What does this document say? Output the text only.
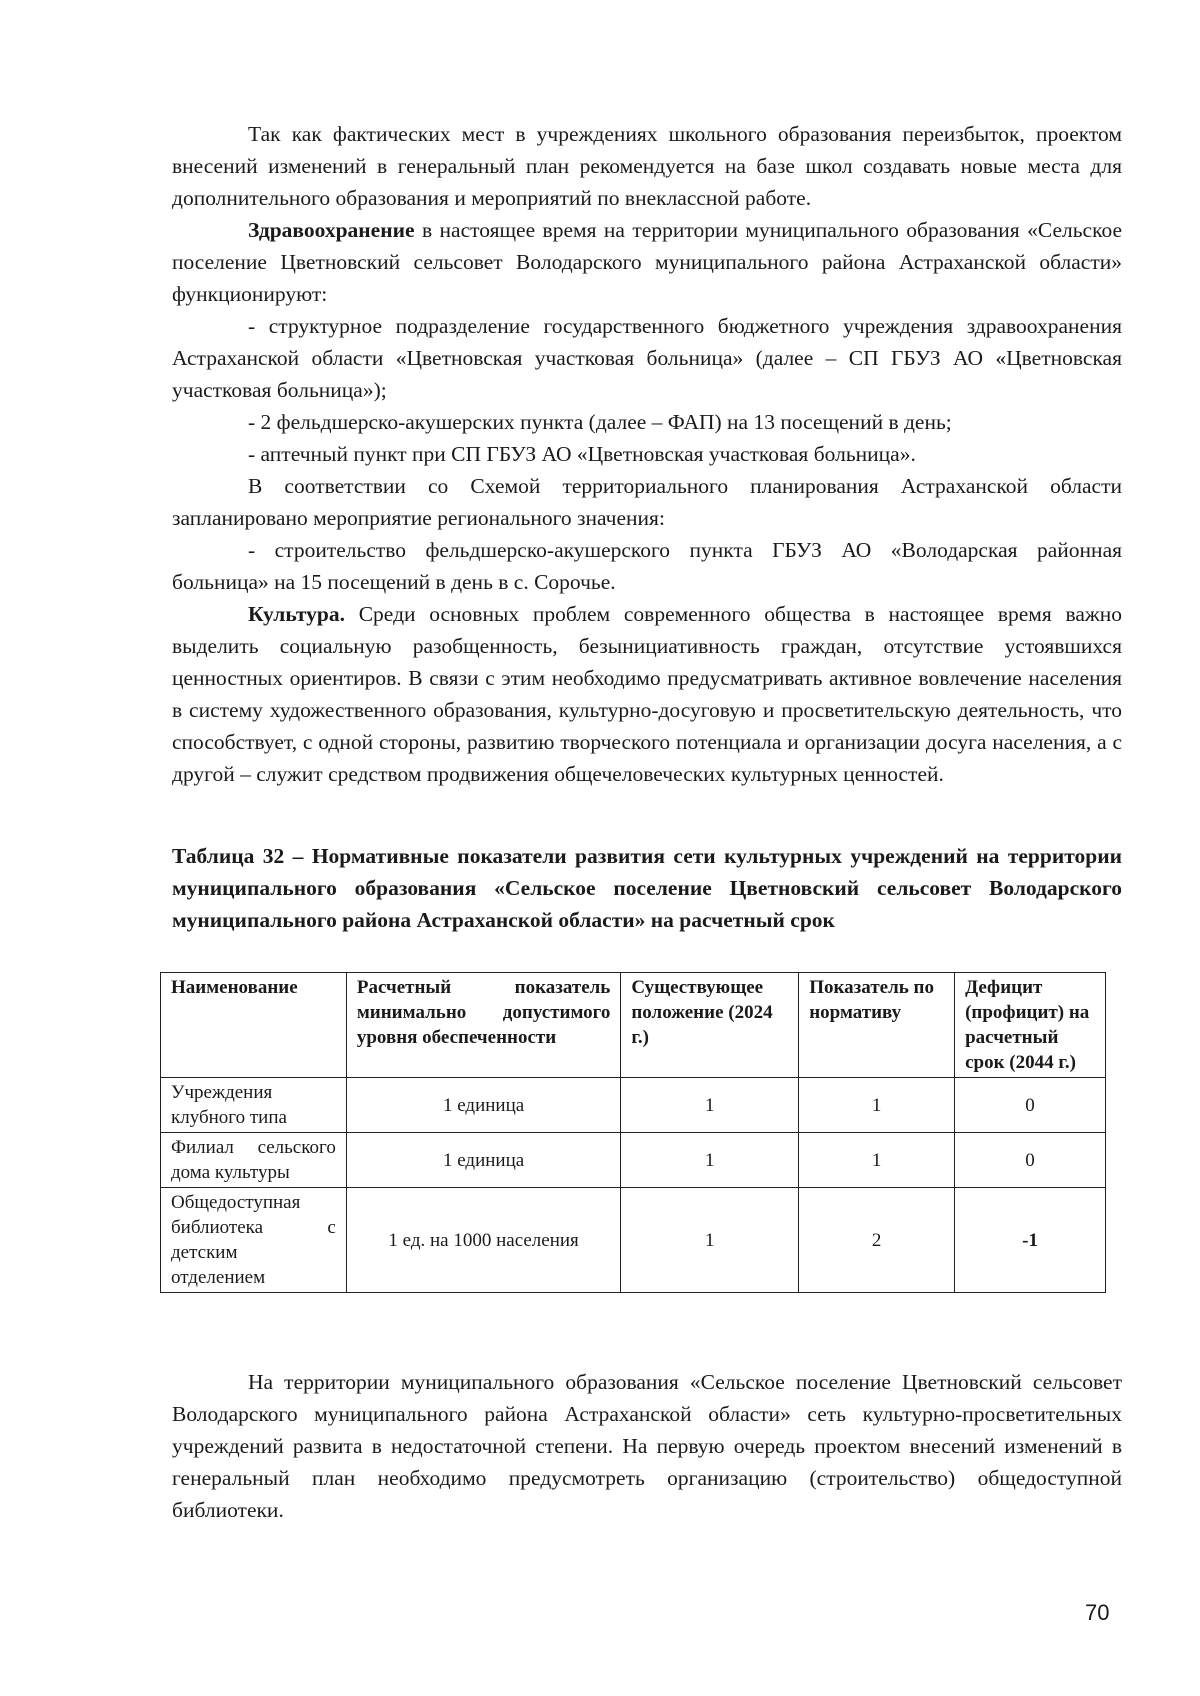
Так как фактических мест в учреждениях школьного образования переизбыток, проектом внесений изменений в генеральный план рекомендуется на базе школ создавать новые места для дополнительного образования и мероприятий по внеклассной работе.

Здравоохранение в настоящее время на территории муниципального образования «Сельское поселение Цветновский сельсовет Володарского муниципального района Астраханской области» функционируют:

- структурное подразделение государственного бюджетного учреждения здравоохранения Астраханской области «Цветновская участковая больница» (далее – СП ГБУЗ АО «Цветновская участковая больница»);

- 2 фельдшерско-акушерских пункта (далее – ФАП) на 13 посещений в день;

- аптечный пункт при СП ГБУЗ АО «Цветновская участковая больница».

В соответствии со Схемой территориального планирования Астраханской области запланировано мероприятие регионального значения:

- строительство фельдшерско-акушерского пункта ГБУЗ АО «Володарская районная больница» на 15 посещений в день в с. Сорочье.

Культура. Среди основных проблем современного общества в настоящее время важно выделить социальную разобщенность, безынициативность граждан, отсутствие устоявшихся ценностных ориентиров. В связи с этим необходимо предусматривать активное вовлечение населения в систему художественного образования, культурно-досуговую и просветительскую деятельность, что способствует, с одной стороны, развитию творческого потенциала и организации досуга населения, а с другой – служит средством продвижения общечеловеческих культурных ценностей.

Таблица 32 – Нормативные показатели развития сети культурных учреждений на территории муниципального образования «Сельское поселение Цветновский сельсовет Володарского муниципального района Астраханской области» на расчетный срок
Наименование	Расчетный показатель минимально допустимого уровня обеспеченности	Существующее положение (2024 г.)	Показатель по нормативу	Дефицит (профицит) на расчетный срок (2044 г.)
Учреждения клубного типа	1 единица	1	1	0
Филиал сельского дома культуры	1 единица	1	1	0
Общедоступная библиотека с детским отделением	1 ед. на 1000 населения	1	2	-1

На территории муниципального образования «Сельское поселение Цветновский сельсовет Володарского муниципального района Астраханской области» сеть культурно-просветительных учреждений развита в недостаточной степени. На первую очередь проектом внесений изменений в генеральный план необходимо предусмотреть организацию (строительство) общедоступной библиотеки.

70
